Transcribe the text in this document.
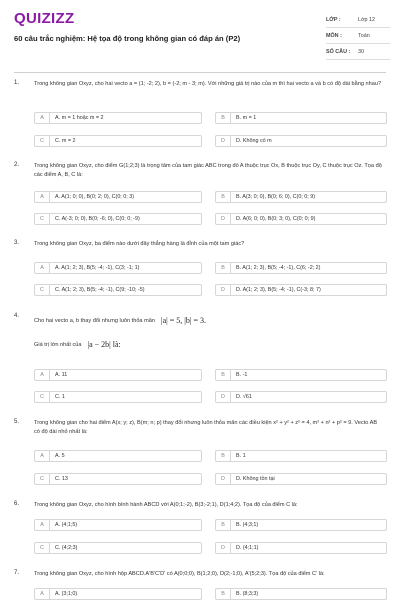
QUIZIZZ
60 câu trắc nghiệm: Hệ tọa độ trong không gian có đáp án (P2)
LỚP :	Lớp 12
MÔN :	Toán
SỐ CÂU :	30
1.	Trong không gian Oxyz, cho hai vecto a = (1; -2; 2), b = (-2; m - 3; m). Với những giá trị nào của m thì hai vecto a và b có độ dài bằng nhau?
A	A. m = 1 hoặc m = 2	B	B. m = 1
C	C. m = 2	D	D. Không có m
2.	Trong không gian Oxyz, cho điểm G(1;2;3) là trọng tâm của tam giác ABC trong đó A thuộc trục Ox, B thuộc trục Oy, C thuộc trục Oz. Tọa độ các điểm A, B, C là:
A	A. A(1; 0; 0), B(0; 2; 0), C(0; 0; 3)	B	B. A(3; 0; 0), B(0; 6; 0), C(0; 0; 9)
C	C. A(-3; 0; 0), B(0; -6; 0), C(0; 0; -9)	D	D. A(6; 0; 0), B(0; 3; 0), C(0; 0; 9)
3.	Trong không gian Oxyz, ba điểm nào dưới đây thẳng hàng là đỉnh của một tam giác?
A	A. A(1; 2; 3), B(5; -4; -1), C(3; -1; 1)	B	B. A(1; 2; 3), B(5; -4; -1), C(6; -2; 2)
C	C. A(1; 2; 3), B(5; -4; -1), C(9; -10; -5)	D	D. A(1; 2; 3), B(5; -4; -1), C(-3; 8; 7)
4.
Cho hai vecto a, b thay đổi nhưng luôn thỏa mãn |a| = 5, |b| = 3.
Giá trị lớn nhất của |a − 2b| là:
A	A. 11	B	B. -1
C	C. 1	D	D. √61
5.	Trong không gian cho hai điểm A(x; y; z), B(m; n; p) thay đổi nhưng luôn thỏa mãn các điều kiện x² + y² + z² = 4, m² + n² + p² = 9. Vecto AB có độ dài nhỏ nhất là:
A	A. 5	B	B. 1
C	C. 13	D	D. Không tồn tại
6.	Trong không gian Oxyz, cho hình bình hành ABCD với A(0;1;-2), B(3;-2;1), D(1;4;2). Tọa độ của điểm C là:
A	A. (4;1;5)	B	B. (4;3;1)
C	C. (4;2;3)	D	D. (4;1;1)
7.	Trong không gian Oxyz, cho hình hộp ABCD.A'B'C'D' có A(0;0;0), B(1;2;0), D(2;-1;0), A'(5;2;3). Tọa độ của điểm C' là:
A	A. (3;1;0)	B	B. (8;3;3)
